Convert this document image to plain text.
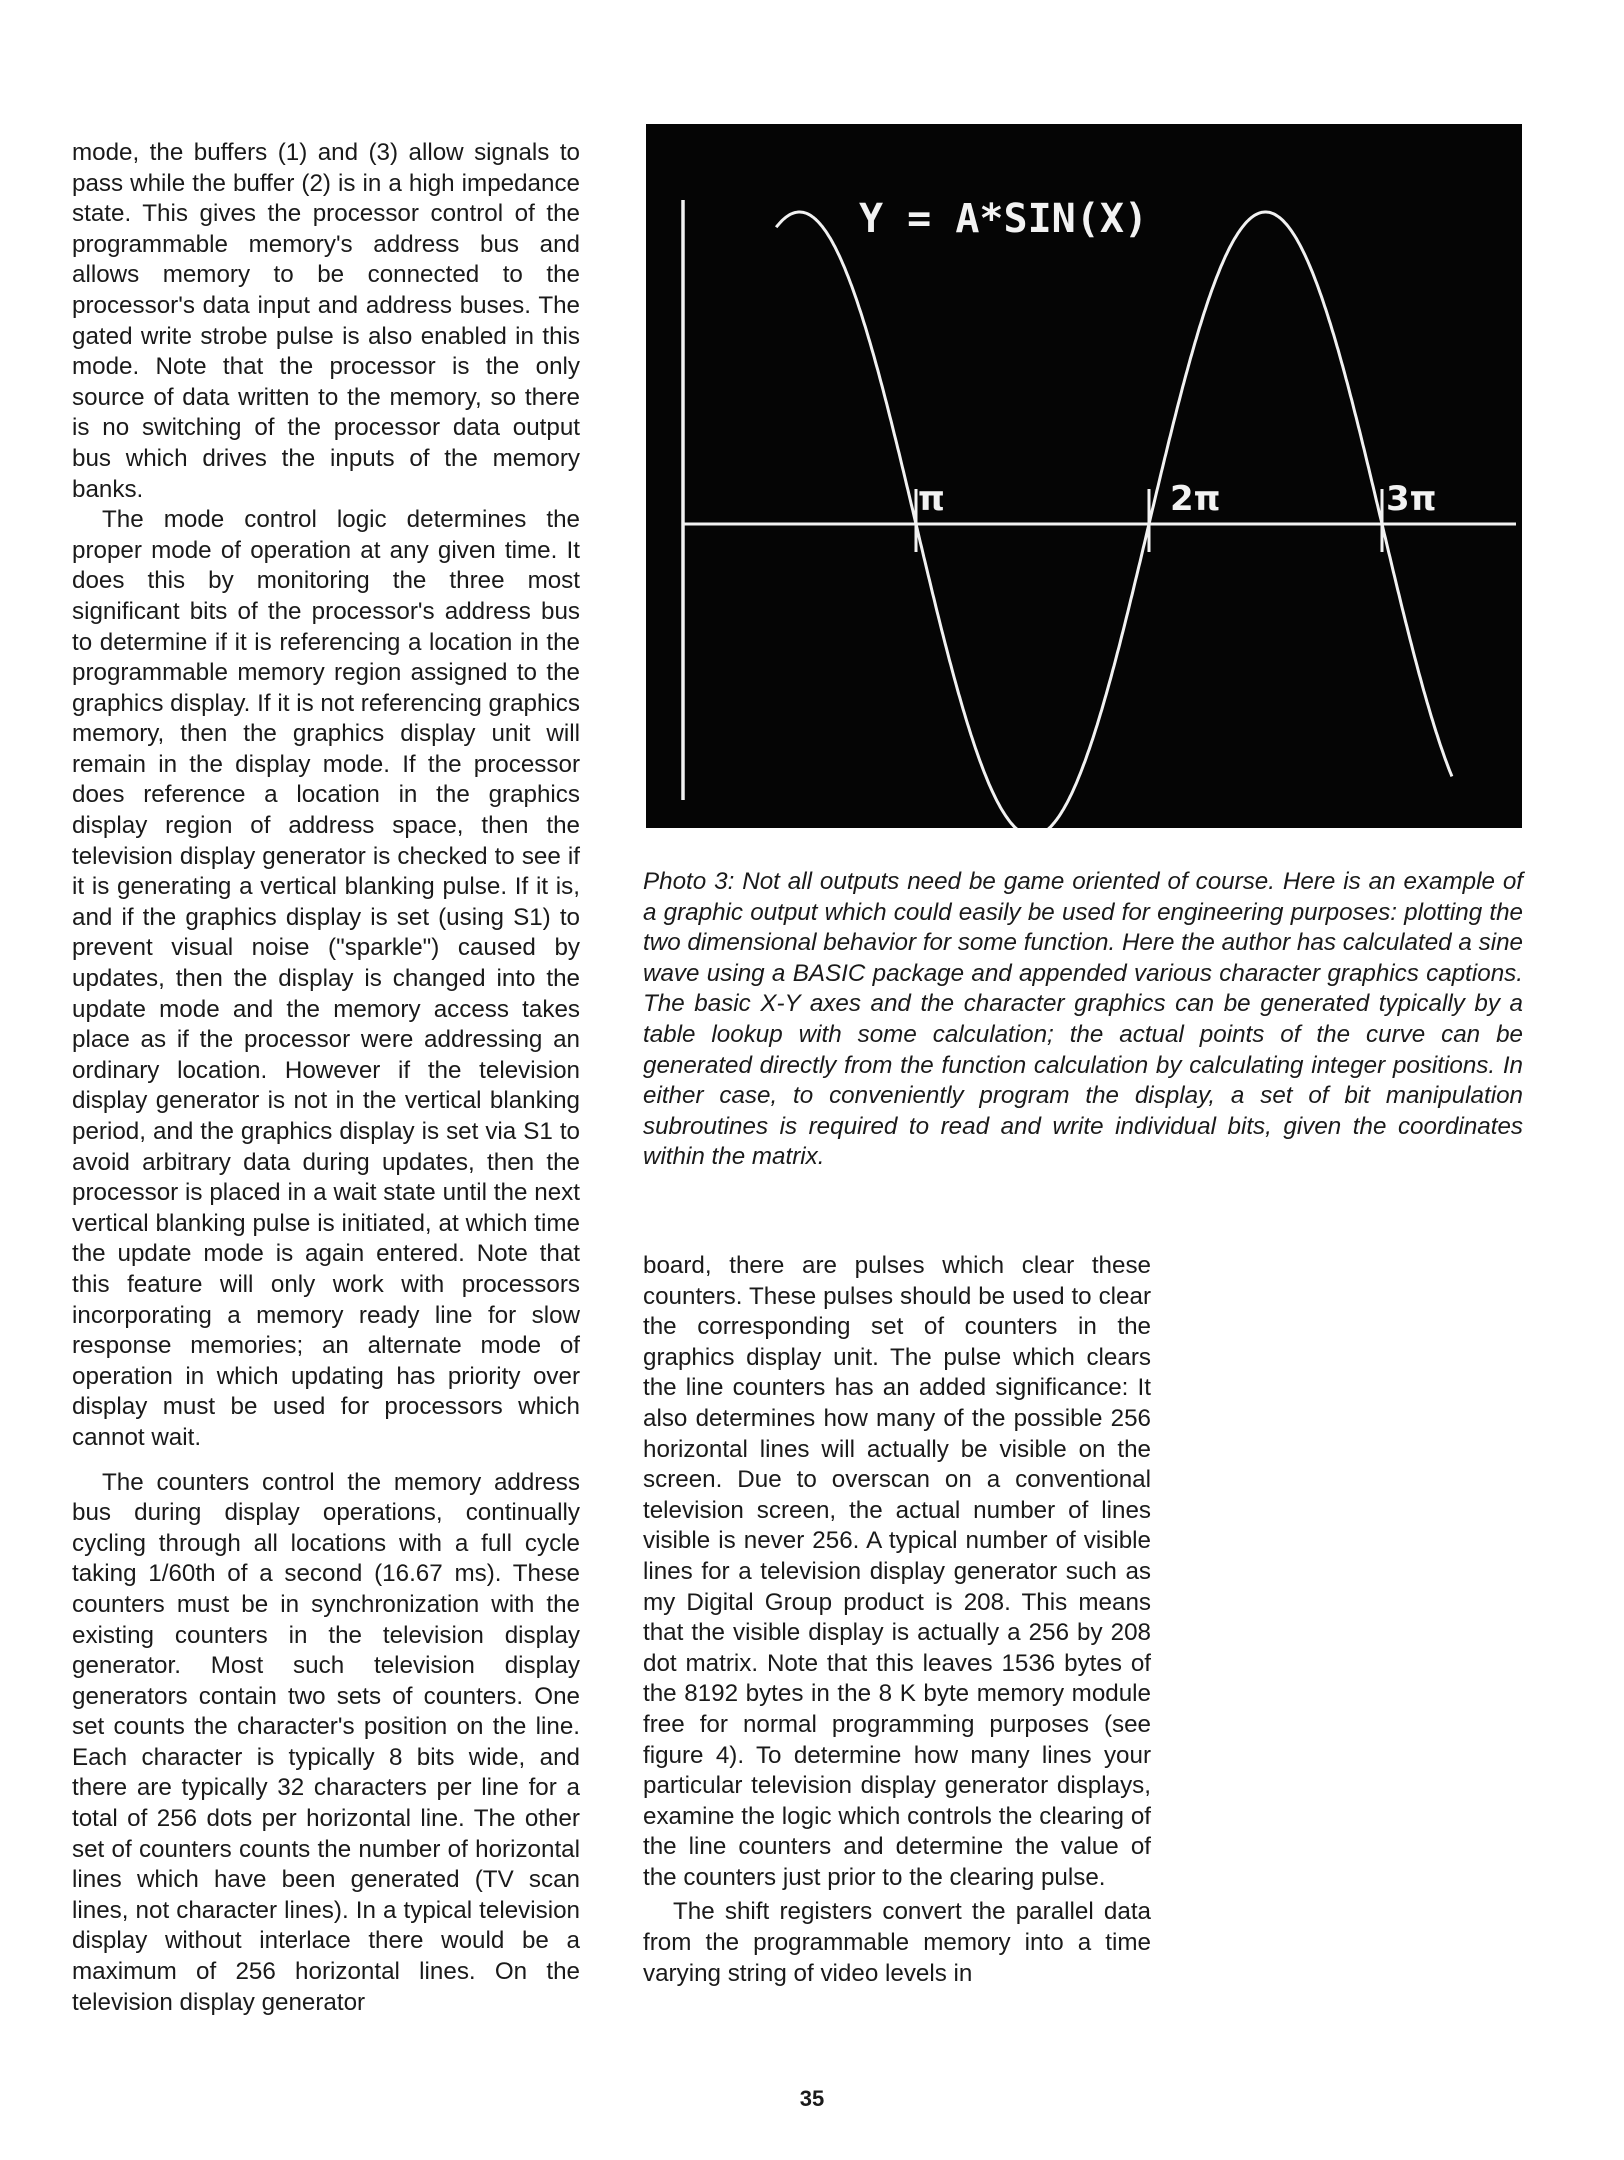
mode, the buffers (1) and (3) allow signals to pass while the buffer (2) is in a high impedance state. This gives the processor control of the programmable memory's address bus and allows memory to be connected to the processor's data input and address buses. The gated write strobe pulse is also enabled in this mode. Note that the processor is the only source of data written to the memory, so there is no switching of the processor data output bus which drives the inputs of the memory banks.

The mode control logic determines the proper mode of operation at any given time. It does this by monitoring the three most significant bits of the processor's address bus to determine if it is referencing a location in the programmable memory region assigned to the graphics display. If it is not referencing graphics memory, then the graphics display unit will remain in the display mode. If the processor does reference a location in the graphics display region of address space, then the television display generator is checked to see if it is generating a vertical blanking pulse. If it is, and if the graphics display is set (using S1) to prevent visual noise ("sparkle") caused by updates, then the display is changed into the update mode and the memory access takes place as if the processor were addressing an ordinary location. However if the television display generator is not in the vertical blanking period, and the graphics display is set via S1 to avoid arbitrary data during updates, then the processor is placed in a wait state until the next vertical blanking pulse is initiated, at which time the update mode is again entered. Note that this feature will only work with processors incorporating a memory ready line for slow response memories; an alternate mode of operation in which updating has priority over display must be used for processors which cannot wait.

The counters control the memory address bus during display operations, continually cycling through all locations with a full cycle taking 1/60th of a second (16.67 ms). These counters must be in synchronization with the existing counters in the television display generator. Most such television display generators contain two sets of counters. One set counts the character's position on the line. Each character is typically 8 bits wide, and there are typically 32 characters per line for a total of 256 dots per horizontal line. The other set of counters counts the number of horizontal lines which have been generated (TV scan lines, not character lines). In a typical television display without interlace there would be a maximum of 256 horizontal lines. On the television display generator

Y = A*SIN(X)
π	2π	3π

Photo 3: Not all outputs need be game oriented of course. Here is an example of a graphic output which could easily be used for engineering purposes: plotting the two dimensional behavior for some function. Here the author has calculated a sine wave using a BASIC package and appended various character graphics captions. The basic X-Y axes and the character graphics can be generated typically by a table lookup with some calculation; the actual points of the curve can be generated directly from the function calculation by calculating integer positions. In either case, to conveniently program the display, a set of bit manipulation subroutines is required to read and write individual bits, given the coordinates within the matrix.

board, there are pulses which clear these counters. These pulses should be used to clear the corresponding set of counters in the graphics display unit. The pulse which clears the line counters has an added significance: It also determines how many of the possible 256 horizontal lines will actually be visible on the screen. Due to overscan on a conventional television screen, the actual number of lines visible is never 256. A typical number of visible lines for a television display generator such as my Digital Group product is 208. This means that the visible display is actually a 256 by 208 dot matrix. Note that this leaves 1536 bytes of the 8192 bytes in the 8 K byte memory module free for normal programming purposes (see figure 4). To determine how many lines your particular television display generator displays, examine the logic which controls the clearing of the line counters and determine the value of the counters just prior to the clearing pulse.

The shift registers convert the parallel data from the programmable memory into a time varying string of video levels in

35
